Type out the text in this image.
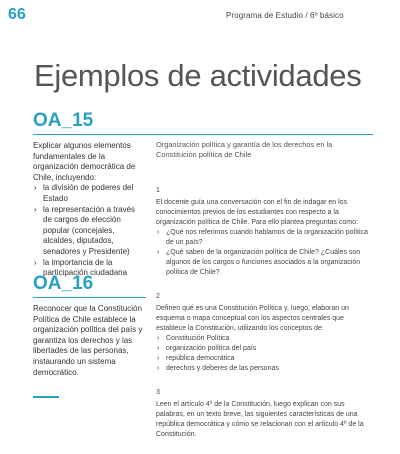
66	Programa de Estudio / 6º básico
Ejemplos de actividades
OA_15

Explicar algunos elementos fundamentales de la organización democrática de Chile, incluyendo:

› la división de poderes del Estado
› la representación a través de cargos de elección popular (concejales, alcaldes, diputados, senadores y Presidente)
› la importancia de la participación ciudadana
OA_16

Reconocer que la Constitución Política de Chile establece la organización política del país y garantiza los derechos y las libertades de las personas, instaurando un sistema democrático.

Organización política y garantía de los derechos en la Constitución política de Chile

1

El docente guía una conversación con el fin de indagar en los conocimientos previos de los estudiantes con respecto a la organización política de Chile. Para ello plantea preguntas como:

› ¿Qué nos referimos cuando hablamos de la organización política de un país?
› ¿Qué saben de la organización política de Chile? ¿Cuáles son algunos de los cargos o funciones asociados a la organización política de Chile?

2

Definen qué es una Constitución Política y, luego, elaboran un esquema o mapa conceptual con los aspectos centrales que establece la Constitución, utilizando los conceptos de:

› Constitución Política
› organización política del país
› república democrática
› derechos y deberes de las personas

3

Leen el artículo 4º de la Constitución, luego explican con sus palabras, en un texto breve, las siguientes características de una república democrática y cómo se relacionan con el artículo 4º de la Constitución.
